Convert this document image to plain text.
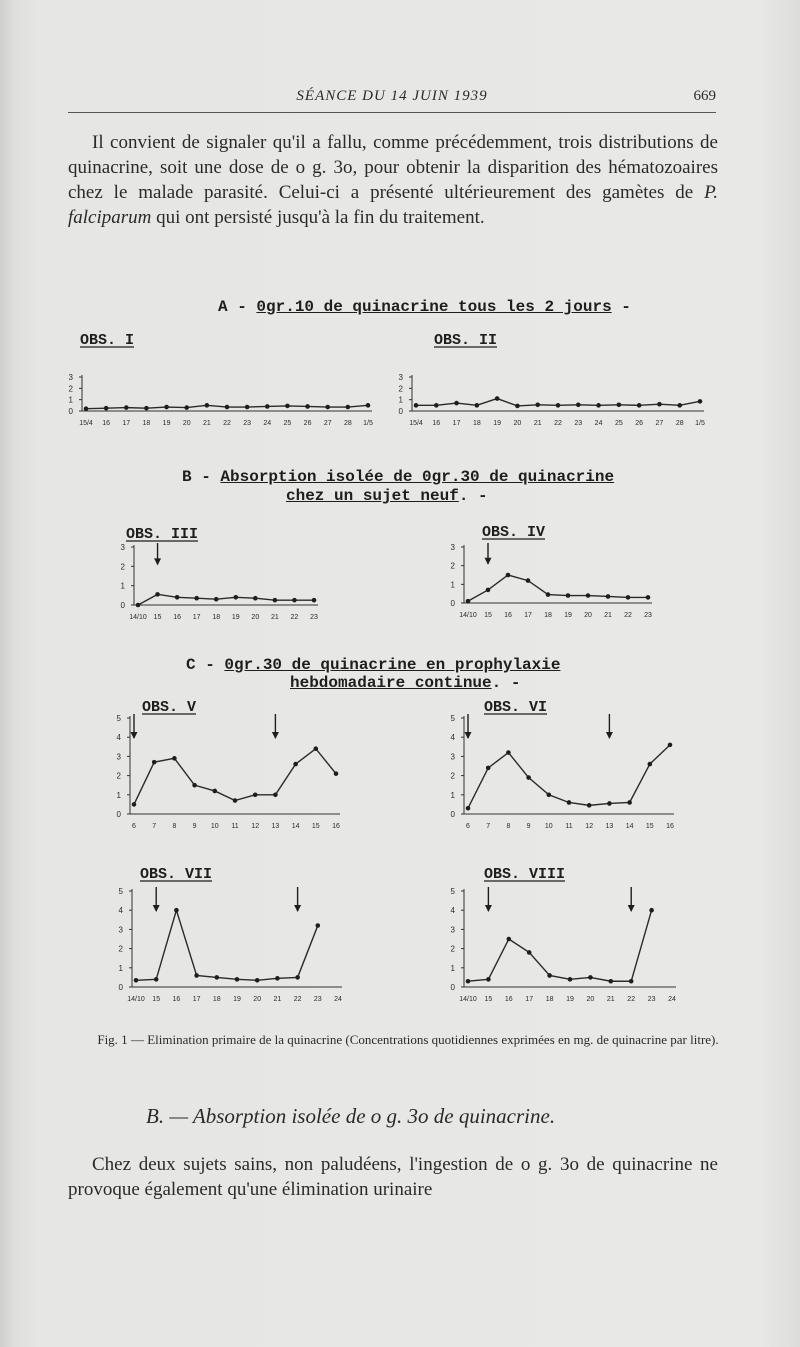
SÉANCE DU 14 JUIN 1939	669

Il convient de signaler qu'il a fallu, comme précédemment, trois distributions de quinacrine, soit une dose de o g. 3o, pour obtenir la disparition des hématozoaires chez le malade parasité. Celui-ci a présenté ultérieurement des gamètes de P. falciparum qui ont persisté jusqu'à la fin du traitement.

A - 0gr.10 de quinacrine tous les 2 jours -
B - Absorption isolée de 0gr.30 de quinacrine
chez un sujet neuf. -
C - 0gr.30 de quinacrine en prophylaxie
hebdomadaire continue. -
OBS. I
0
1
2
3
15/4 16 17 18 19 20 21 22 23 24 25 26 27 28 1/5
OBS. II
0
1
2
3
15/4 16 17 18 19 20 21 22 23 24 25 26 27 28 1/5
OBS. III
0
1
2
3
14/10 15 16 17 18 19 20 21 22 23
OBS. IV
0
1
2
3
14/10 15 16 17 18 19 20 21 22 23
OBS. V
0
1
2
3
4
5
6 7 8 9 10 11 12 13 14 15 16
OBS. VI
0
1
2
3
4
5
6 7 8 9 10 11 12 13 14 15 16
OBS. VII
0
1
2
3
4
5
14/10 15 16 17 18 19 20 21 22 23 24
OBS. VIII
0
1
2
3
4
5
14/10 15 16 17 18 19 20 21 22 23 24
Fig. 1 — Elimination primaire de la quinacrine (Concentrations quotidiennes exprimées en mg. de quinacrine par litre).
B. — Absorption isolée de o g. 3o de quinacrine.

Chez deux sujets sains, non paludéens, l'ingestion de o g. 3o de quinacrine ne provoque également qu'une élimination urinaire
